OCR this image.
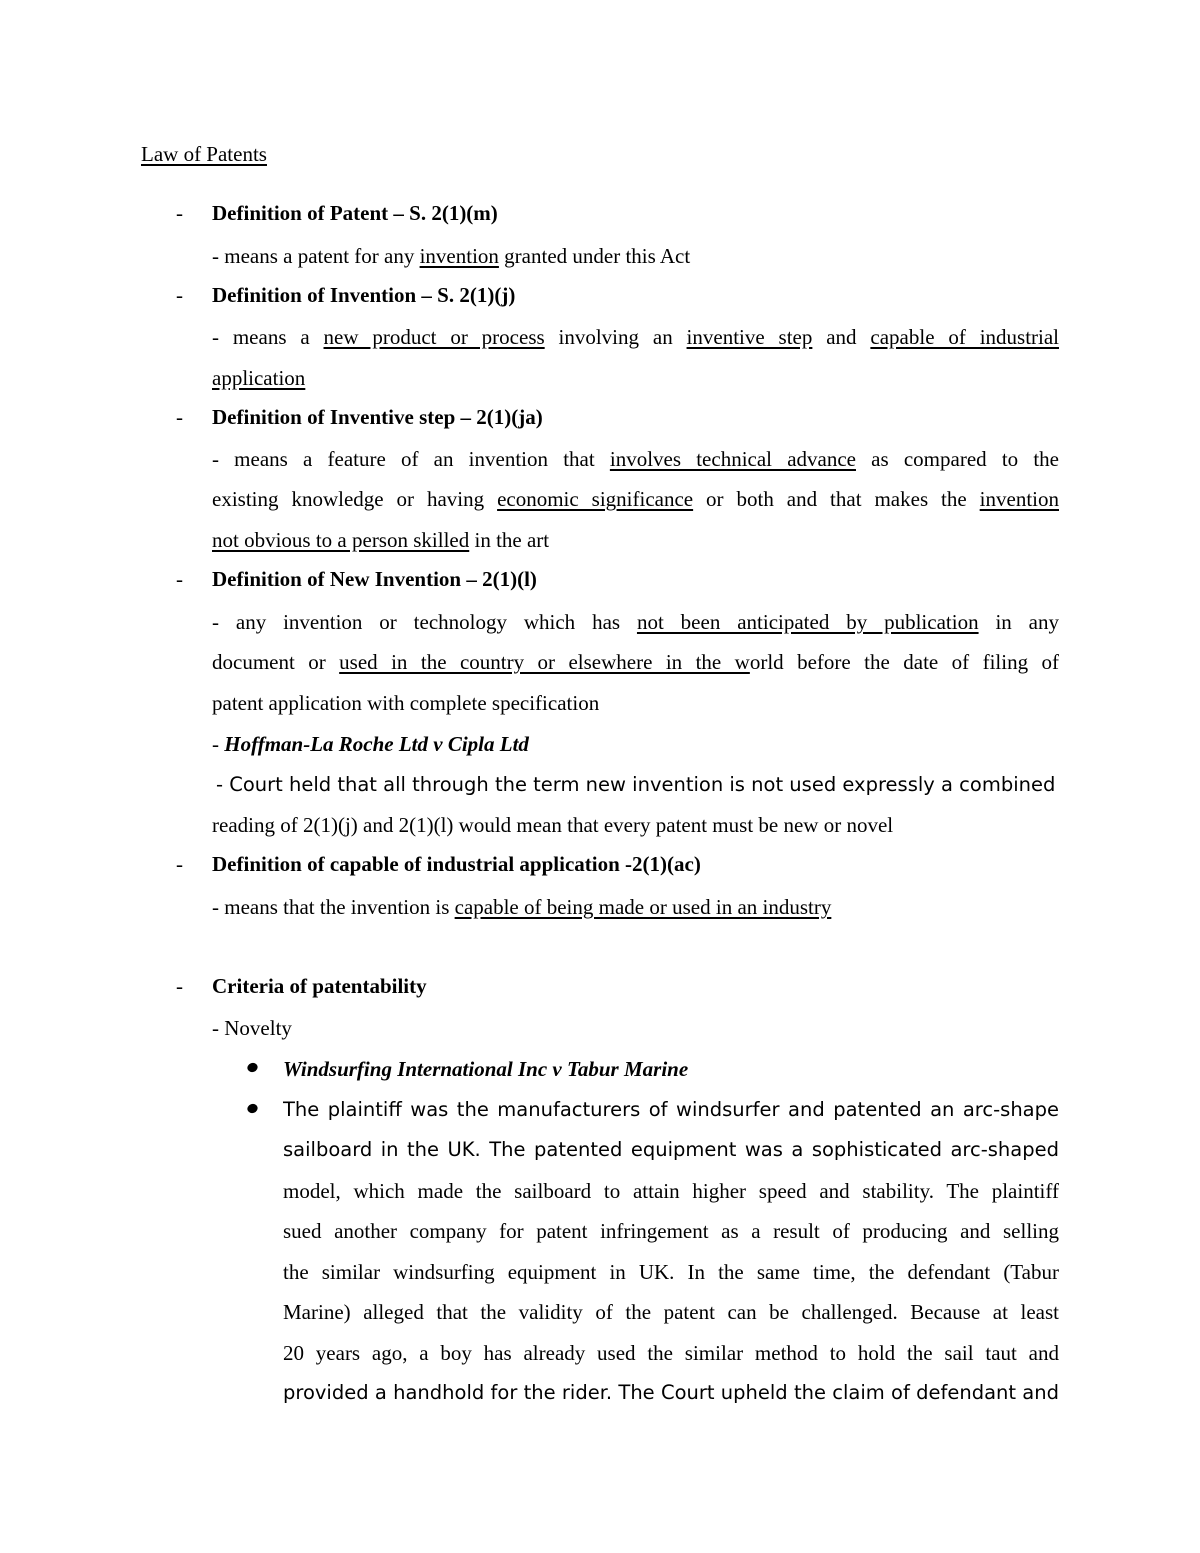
Law of Patents
- Definition of Patent – S. 2(1)(m)
- means a patent for any invention granted under this Act
- Definition of Invention – S. 2(1)(j)
- means a new product or process involving an inventive step and capable of industrial
application
- Definition of Inventive step – 2(1)(ja)
- means a feature of an invention that involves technical advance as compared to the
existing knowledge or having economic significance or both and that makes the invention
not obvious to a person skilled in the art
- Definition of New Invention – 2(1)(l)
- any invention or technology which has not been anticipated by publication in any
document or used in the country or elsewhere in the world before the date of filing of
patent application with complete specification
- Hoffman-La Roche Ltd v Cipla Ltd
- Court held that all through the term new invention is not used expressly a combined
reading of 2(1)(j) and 2(1)(l) would mean that every patent must be new or novel
- Definition of capable of industrial application -2(1)(ac)
- means that the invention is capable of being made or used in an industry
- Criteria of patentability
- Novelty
Windsurfing International Inc v Tabur Marine
The plaintiff was the manufacturers of windsurfer and patented an arc-shape
sailboard in the UK. The patented equipment was a sophisticated arc-shaped
model, which made the sailboard to attain higher speed and stability. The plaintiff
sued another company for patent infringement as a result of producing and selling
the similar windsurfing equipment in UK. In the same time, the defendant (Tabur
Marine) alleged that the validity of the patent can be challenged. Because at least
20 years ago, a boy has already used the similar method to hold the sail taut and
provided a handhold for the rider. The Court upheld the claim of defendant and
